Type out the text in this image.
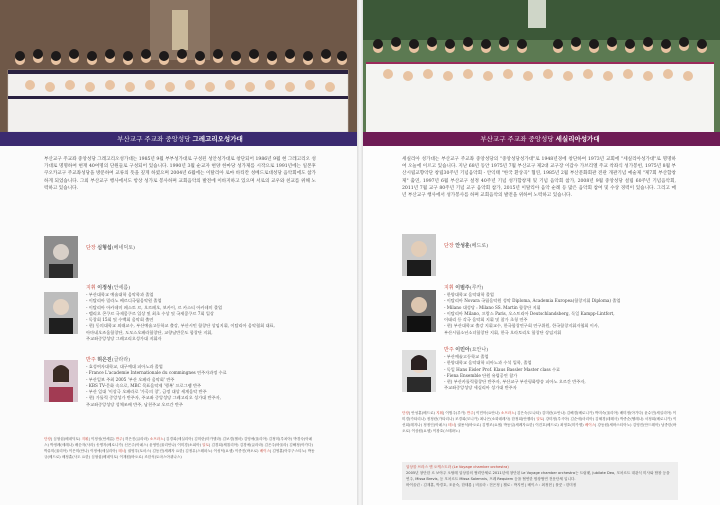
부산교구 주교좌 중앙성당 그레고리오성가대
부산교구 주교좌 중앙성당 그레고리오성가대는 1985년 9월 부부성가대로 구성된 성안성가대로 창단되어 1986년 9월 현 그레고리오 성가대로 명명하여 현재 40여명의 단원들로 구성되어 있습니다. 1990년 3월 순교자 현양 한마당 성가제를 시작으로 1991년에는 일본후쿠오카교구 주교좌성당을 방문하여 교류의 뜻을 깊게 하였으며 2004년 6월에는 이탈리아 로마 바티칸 성베드로대성당 음악회에도 참가하게 되었습니다. 그외 부산교구 행사에서도 항상 성가로 봉사하며 교회음악의 발전에 이바지하고 있으며 서로의 교우와 친교를 위해 노력하고 있습니다.
단장 심형섭(베네딕토)
지휘 이정성(안세름)
- 부산대학교 예술대학 음악학과 졸업
- 이탈리아 밀라노 베르디국립음악원 졸업
- 이탈리아 아카데미 페스토 르, 오르페오, 보카이, 르 카스티 아카데미 졸업
- 벨리오 콘쿠르 국제콩쿠르 입상 및 최초 수상 및 국제콩쿠르 7회 입상
- 독창회 15회 및 수백회 음악회 출연
- 현) 동의대학교 외래교수, 부산예술고등학교 출강, 부산시민 합창단 상임지휘, 이탈리아 음악협회 대표,
아마네오즈움합창단, 도모스오페라합창단, 교향남반문도 합창단 지휘,
주교좌중앙성당 그레고리오성가대 지휘자
반주 허은진(글라라)
- 효성여자대학교, 대구예대 피아노과 졸업
- France L'academie Internationale du commingnes 연주자과정 수료
- 부산일보 주최 2005 '부산 오페라 음악회' 반주
- KBS TV-문화 속으로, MBC 목표음악제 '행복' 프로그램 반주
- 부산 일대 '이상극 오페라로 '가곡의 창', 금정 대상 세계음악 반주
- 현) 가톨릭 중앙성가 반주자, 주교좌 중앙성당 그레고리오 성가대 반주자,
주교좌중앙성당 성체조배 반주, 남천주교 오르간 반주
단장| 심형섭(베네딕토) 지휘| 이정성(안세름) 반주| 허은진(글라라) 소프라노| 김경희(세실리아) 김미란(미카엘라) 김보경(젤마) 김영애(율리아) 김정미(루치아) 박경숙(아녜스) 박정례(세레나) 배순자(사라) 송명자(베로니카) 신은주(아녜스) 윤영민(율리안나) 이미경(소피아) 알토| 김경희(체칠리아) 김경애(글라라) 김은주(바울라) 김해정(아가다) 박유미(율리아) 이은미(안나) 이정애(세실리아) 테너| 권영우(토마스) 김동진(세례자 요한) 김정무(스테파노) 이성덕(요셉) 이종진(바오로) 베이스| 김영훈(아우구스티노) 박동규(베드로) 배정훈(사도 요한) 심형섭(베네딕토) 이재원(바오로) 조한석(토마스아퀴나스)
부산교구 주교좌 중앙성당 세실리아성가대
세실리아 성가대는 부산교구 주교좌 중앙성당의 "중앙성당성가대"로 1948년경에 창단하여 1973년 교회에 "세실리아성가대"로 명명하여 오늘에 이르고 있습니다. 지난 68년 동안 1975년 7월 부산교구 제2대 교구장 이갑수 가브리엘 주교 착좌식 성가봉헌, 1975년 8월 부산시립교향악단 창립30주년 기념음악회 - 안익태 "한국 환상곡" 협연, 1985년 2월 부산문화회관 전관 개관기념 예술제 "제7회 부산합창제" 출연, 1997년 6월 부산교구 설정 40주년 기념 성가합창제 및 기념 음악회 참가, 2008년 9월 중앙성당 설립 60주년 기념음악회, 2011년 7월 교구 80주년 기념 교구 음악회 참가, 2015년 이탈리아 음악 순례 등 많은 음악회 참여 및 수상 경력이 있습니다. 그리고 매년 부산교구 행사에서 성가봉사를 하며 교회음악의 발전을 위하여 노력하고 있습니다.
단장 안성훈(베드로)
지휘 이범주(루카)
- 한양대학교 음악대학 졸업
- 이탈리아 Novara 국립음악원 성악 Diploma, Academia Europea(합창지휘 Diploma) 졸업
- Milano 대성당 : Milano SS. Martin 합창단 지휘
- 이탈리아 Milano, 프랑스 Paris, 오스트리아 Deutschlandsberg, 독일 Kampp-Lintfort,
이태리 등 각국 음악회 지휘 및 참가 초청 연주
- 현) 부산대학교 출강 지휘교수, 한국합창연구회 연구위원, 한국합창지휘자협회 이사,
부산시립소년소녀합창단 지휘, 한국 오라토리오 합창단 상임지휘
반주 이민아(요안나)
- 부산예술고등학교 졸업
- 한양대학교 음악대학 피아노과 수석 입학, 졸업
- 독일 Hans Eisler Prof. Klaus Bassler Master class 수료
- Fiena Ensemble 단원 유럽공연 참가
- 현) 부산카톨릭합창단 반주자, 부산교구 부산평화방송 피아노 오르간 반주자,
주교좌중앙성당 세실리아 성가대 반주자
단장| 안성훈(베드로) 지휘| 이범주(루카) 반주| 이민아(요안나) 소프라노| 김은숙(도나타) 김미란(요안나) 김해경(베로니카) 박미숙(율리아) 배미정(아가다) 윤수민(세실리아) 이미경(카타리나) 정정란(가타리나) 조경희(모니카) 최나은(소화데레사) 한정희(안젤라) 알토| 강미정(루시아) 김순애(마리아) 김혜경(데레사) 박종순(헬레나) 서정희(베로니카) 이선희(레지나) 정정인(아녜스) 테너| 권용석(바오로) 김병조(요셉) 박동일(세례자요한) 이건호(베드로) 최영호(미카엘) 베이스| 강동원(세바스티아노) 김영진(안드레아) 남종한(바오로) 이상원(요셉) 이창호(스테파노)
앙상블 브라스 앤 오케스트라 (Le Voyage chamber orchestra)
2005년 창단한 르 보야주 오탈레 앙상블의 협력단체로 2011년에 창단된 Le Voyage chamber orchestra는 트럼펫, Jubilate Deo, 모차르트 대관식 미사와 합창 등을 연주, Missa Brevis, 등 모차르트 Missa Solemnis, 프레 Requiem 등을 협연한 합창협연 전문단체 입니다.
바이올린 : 김재훈, 박경호, 조윤숙, 한태룡 | 비올라 : 전은정 | 첼로 : 박지연 | 베이스 : 최정현 | 플룻 : 한미정
